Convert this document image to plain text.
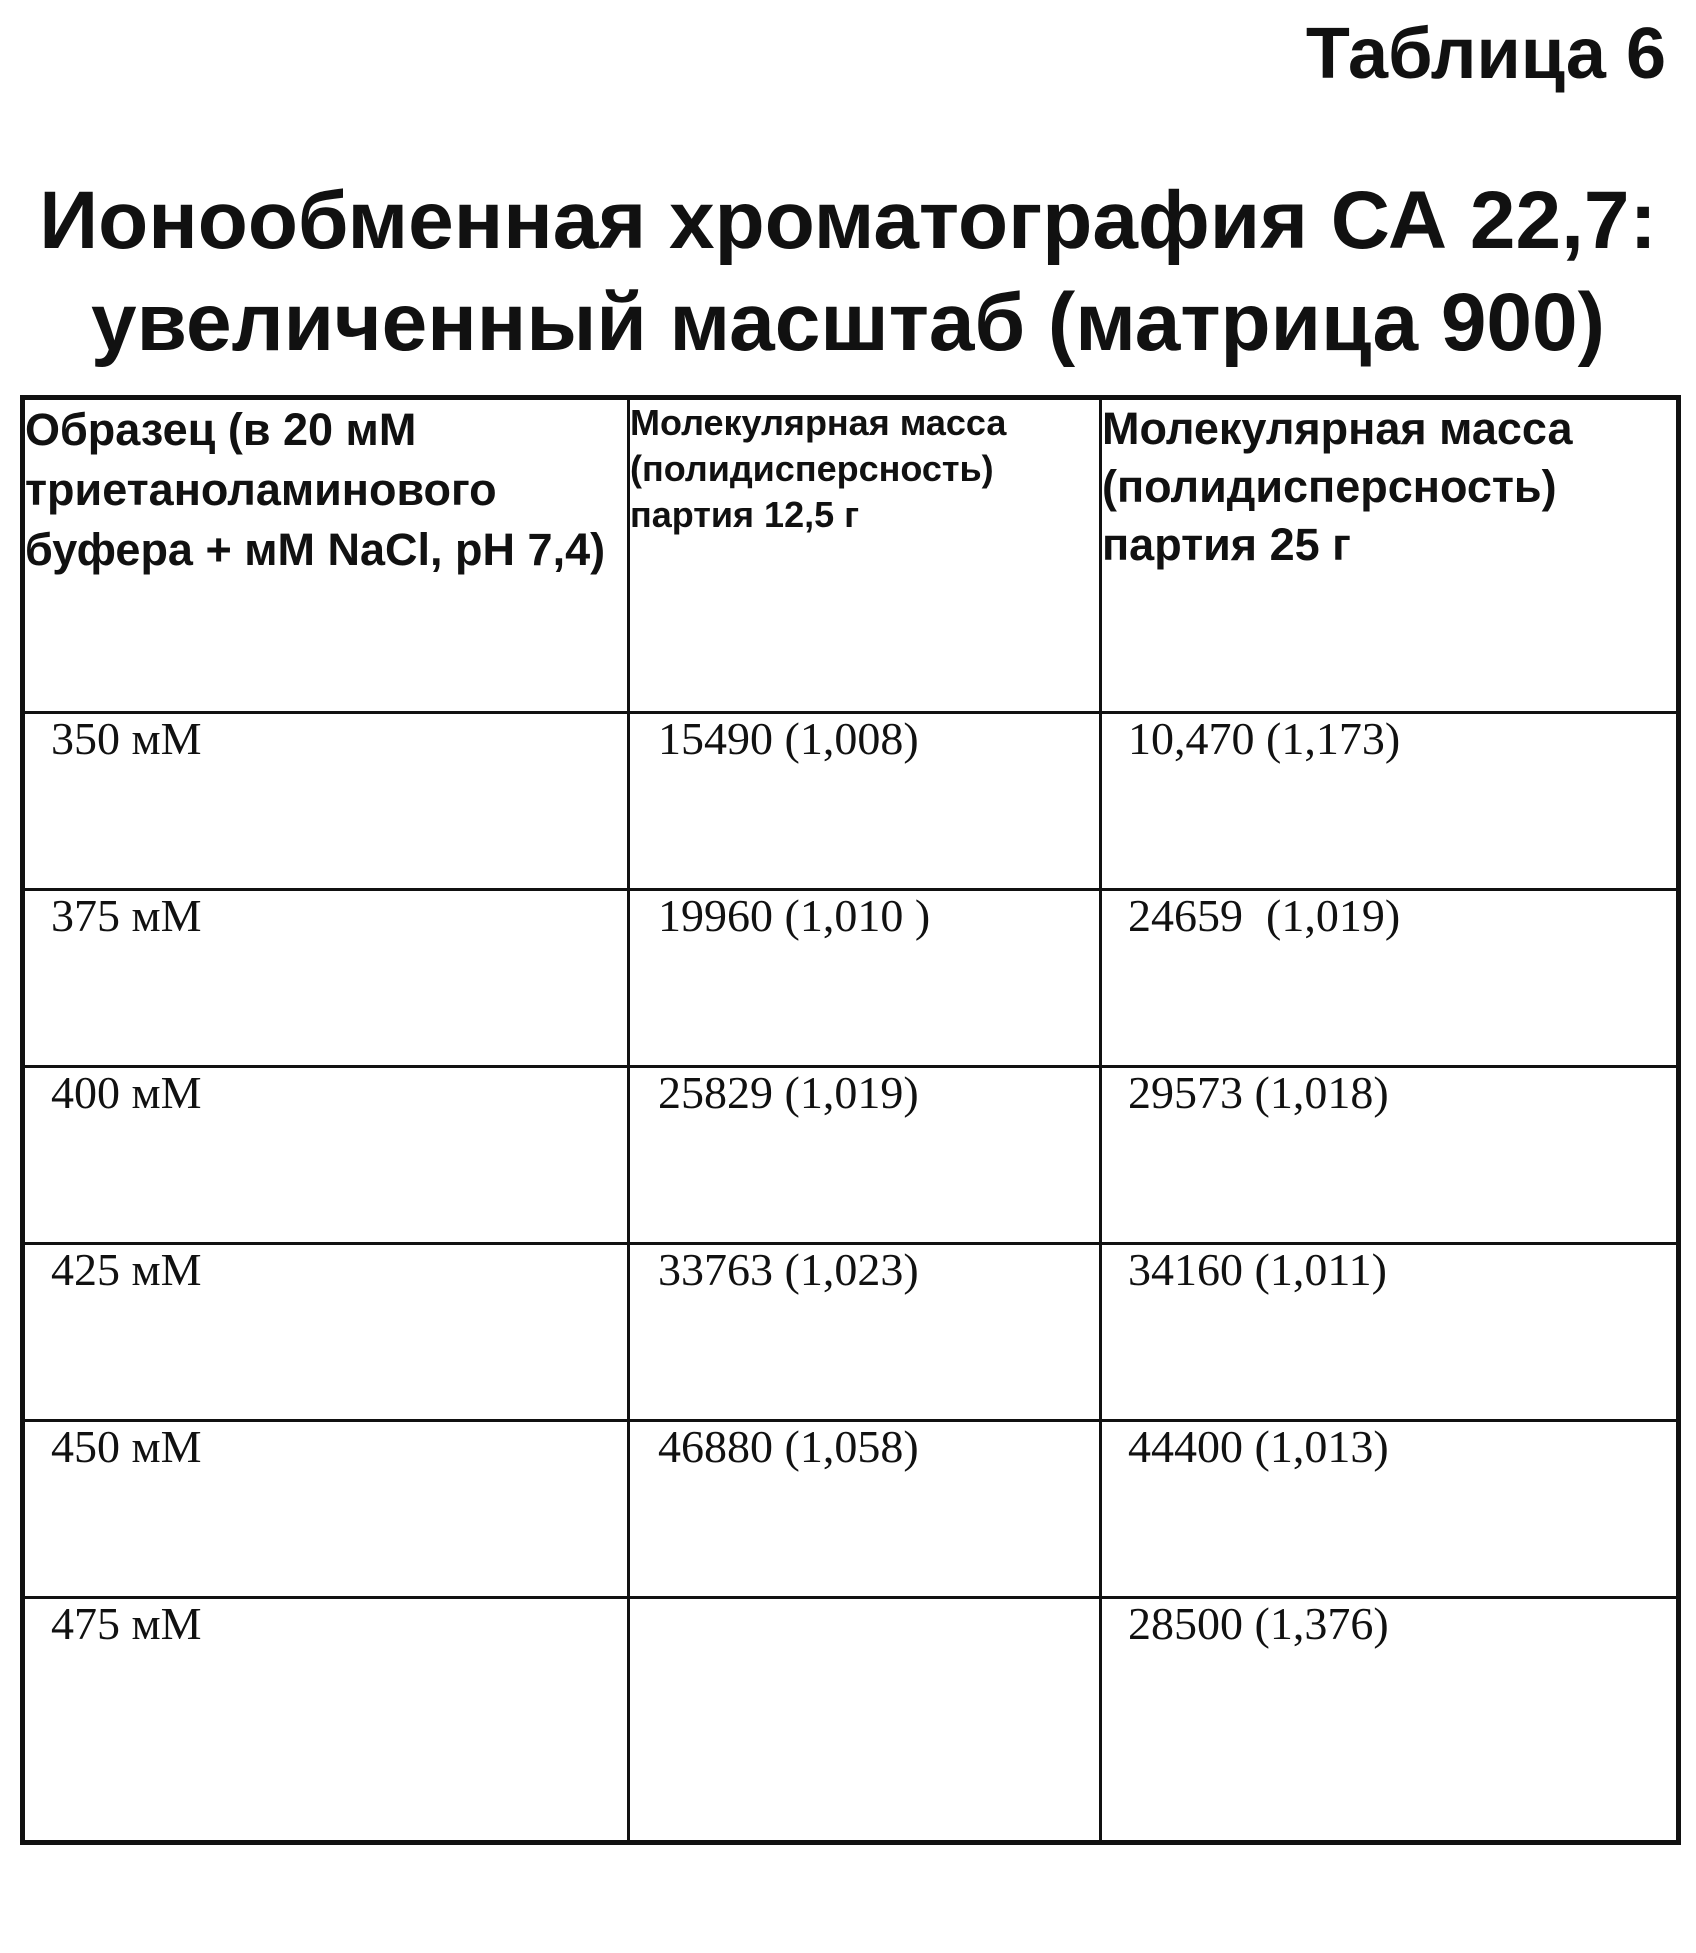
Таблица 6
Ионообменная хроматография СА 22,7:
увеличенный масштаб (матрица 900)
Образец (в 20 мМ триетаноламинового буфера + мМ NaCl, рН 7,4)	Молекулярная масса (полидисперсность) партия 12,5 г	Молекулярная масса (полидисперсность) партия 25 г
350 мМ	15490 (1,008)	10,470 (1,173)
375 мМ	19960 (1,010 )	24659  (1,019)
400 мМ	25829 (1,019)	29573 (1,018)
425 мМ	33763 (1,023)	34160 (1,011)
450 мМ	46880 (1,058)	44400 (1,013)
475 мМ		28500 (1,376)
